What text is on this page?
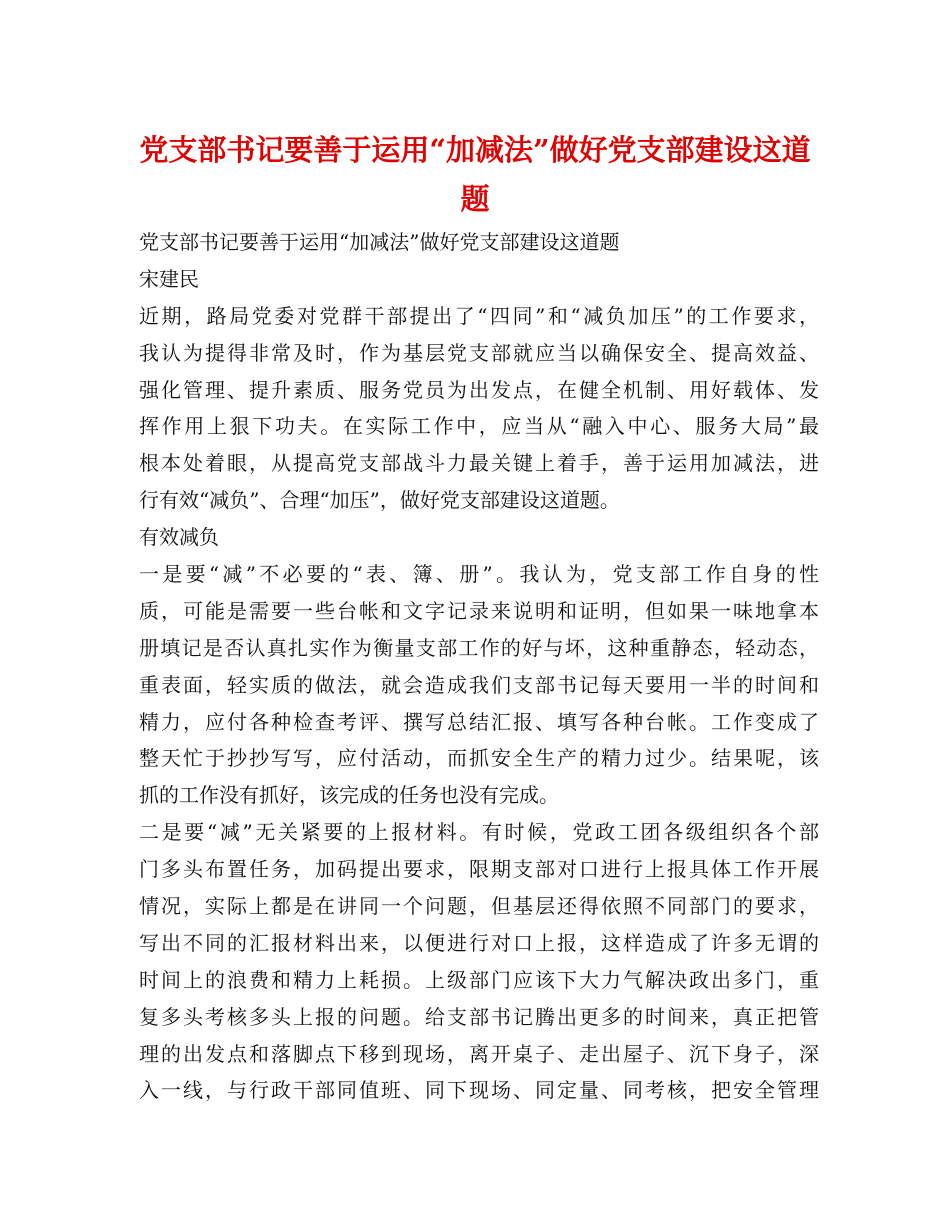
党支部书记要善于运用“加减法”做好党支部建设这道
题
党支部书记要善于运用“加减法”做好党支部建设这道题
宋建民
近期，路局党委对党群干部提出了“四同”和“减负加压”的工作要求，
我认为提得非常及时，作为基层党支部就应当以确保安全、提高效益、
强化管理、提升素质、服务党员为出发点，在健全机制、用好载体、发
挥作用上狠下功夫。在实际工作中，应当从“融入中心、服务大局”最
根本处着眼，从提高党支部战斗力最关键上着手，善于运用加减法，进
行有效“减负”、合理“加压”，做好党支部建设这道题。
有效减负
一是要“减”不必要的“表、簿、册”。我认为，党支部工作自身的性
质，可能是需要一些台帐和文字记录来说明和证明，但如果一味地拿本
册填记是否认真扎实作为衡量支部工作的好与坏，这种重静态，轻动态，
重表面，轻实质的做法，就会造成我们支部书记每天要用一半的时间和
精力，应付各种检查考评、撰写总结汇报、填写各种台帐。工作变成了
整天忙于抄抄写写，应付活动，而抓安全生产的精力过少。结果呢，该
抓的工作没有抓好，该完成的任务也没有完成。
二是要“减”无关紧要的上报材料。有时候，党政工团各级组织各个部
门多头布置任务，加码提出要求，限期支部对口进行上报具体工作开展
情况，实际上都是在讲同一个问题，但基层还得依照不同部门的要求，
写出不同的汇报材料出来，以便进行对口上报，这样造成了许多无谓的
时间上的浪费和精力上耗损。上级部门应该下大力气解决政出多门，重
复多头考核多头上报的问题。给支部书记腾出更多的时间来，真正把管
理的出发点和落脚点下移到现场，离开桌子、走出屋子、沉下身子，深
入一线，与行政干部同值班、同下现场、同定量、同考核，把安全管理
